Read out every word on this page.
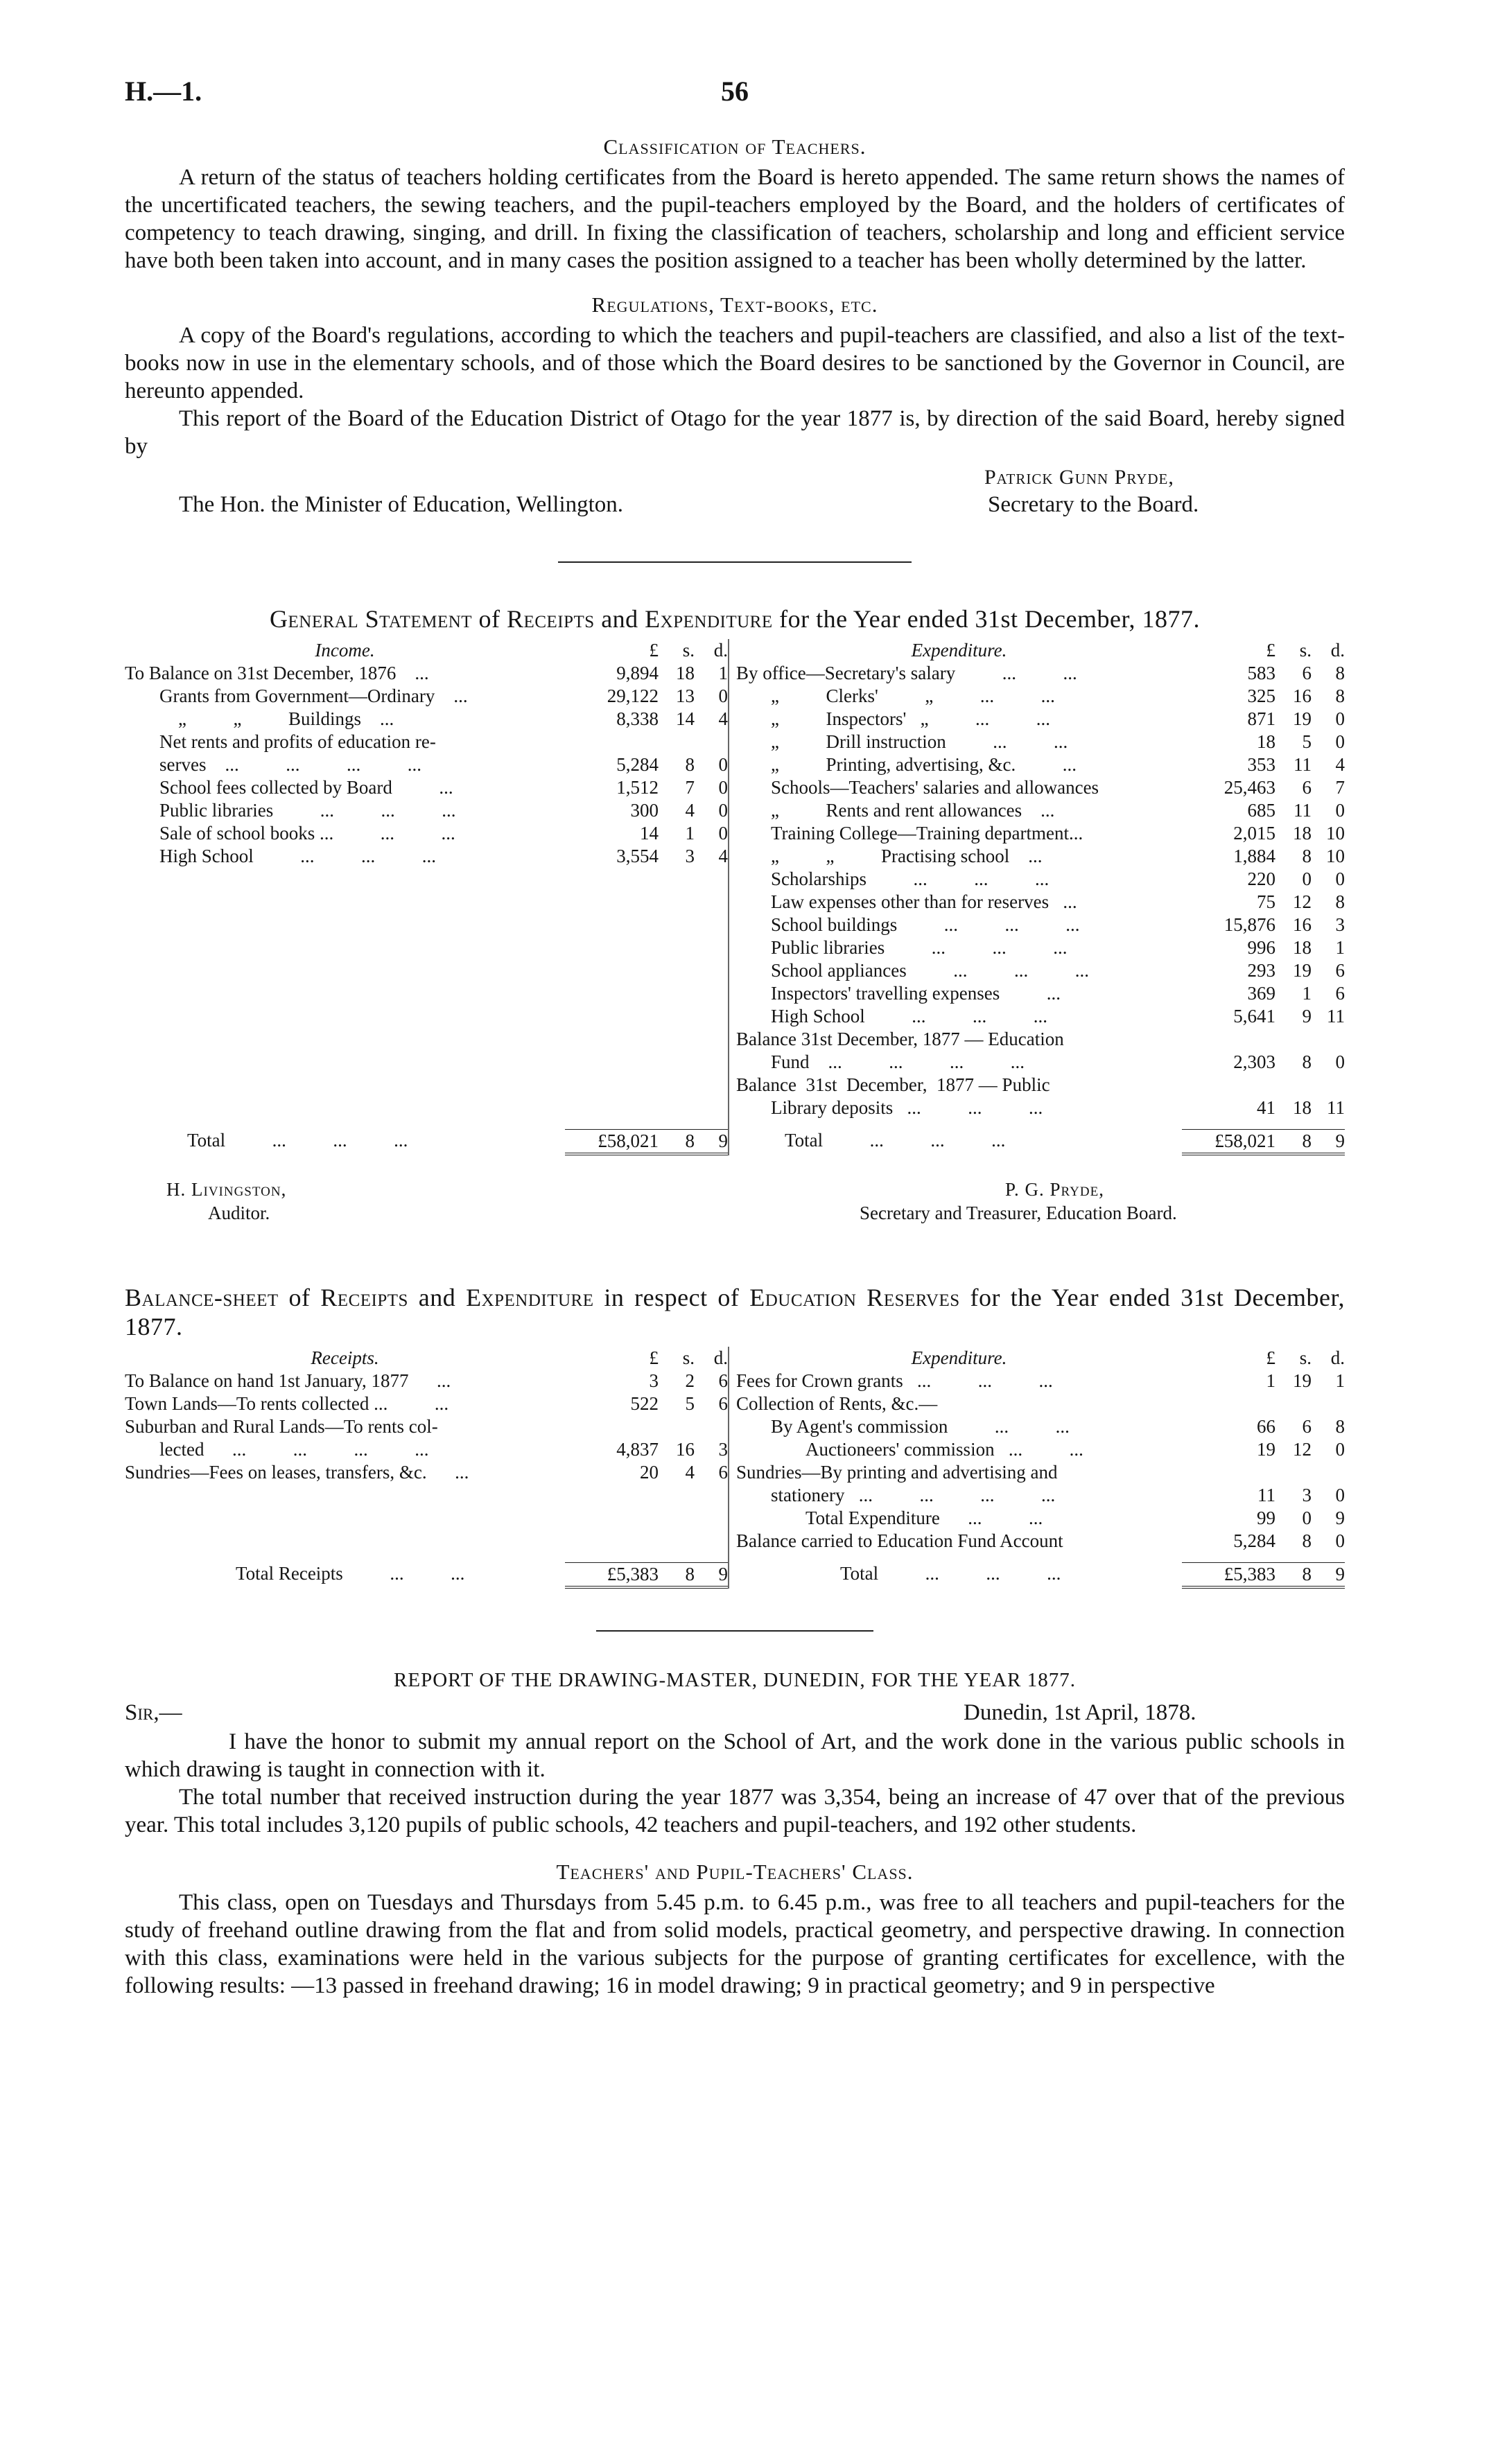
H.—1.	56
Classification of Teachers.

A return of the status of teachers holding certificates from the Board is hereto appended. The same return shows the names of the uncertificated teachers, the sewing teachers, and the pupil-teachers employed by the Board, and the holders of certificates of competency to teach drawing, singing, and drill. In fixing the classification of teachers, scholarship and long and efficient service have both been taken into account, and in many cases the position assigned to a teacher has been wholly determined by the latter.

Regulations, Text-books, etc.

A copy of the Board's regulations, according to which the teachers and pupil-teachers are classified, and also a list of the text-books now in use in the elementary schools, and of those which the Board desires to be sanctioned by the Governor in Council, are hereunto appended.

This report of the Board of the Education District of Otago for the year 1877 is, by direction of the said Board, hereby signed by

Patrick Gunn Pryde,
The Hon. the Minister of Education, Wellington.	Secretary to the Board.
General Statement of Receipts and Expenditure for the Year ended 31st December, 1877.
Income.	£	s.	d.
To Balance on 31st December, 1876    ...	9,894 18	1
Grants from Government—Ordinary    ...	29,122 13	0
„          „          Buildings    ...	8,338 14	4
Net rents and profits of education re-
serves    ...          ...          ...          ...	5,284	8	0
School fees collected by Board          ...	1,512	7	0
Public libraries          ...          ...          ...	300	4	0
Sale of school books ...          ...          ...	14	1	0
High School          ...          ...          ...	3,554	3	4
Expenditure.	£	s.	d.
By office—Secretary's salary          ...          ...	583	6	8
„          Clerks'          „          ...          ...	325 16	8
„          Inspectors'   „          ...          ...	871 19	0
„          Drill instruction          ...          ...	18	5	0
„          Printing, advertising, &c.          ...	353 11	4
Schools—Teachers' salaries and allowances	25,463	6	7
„          Rents and rent allowances    ...	685 11	0
Training College—Training department...	2,015 18 10
„          „          Practising school    ...	1,884	8 10
Scholarships          ...          ...          ...	220	0	0
Law expenses other than for reserves   ...	75 12	8
School buildings          ...          ...          ...	15,876 16	3
Public libraries          ...          ...          ...	996 18	1
School appliances          ...          ...          ...	293 19	6
Inspectors' travelling expenses          ...	369	1	6
High School          ...          ...          ...	5,641	9 11
Balance 31st December, 1877 — Education
Fund    ...          ...          ...          ...	2,303	8	0
Balance  31st  December,  1877 — Public
Library deposits   ...          ...          ...	41 18 11
Total          ...          ...          ...	£58,021	8	9	Total          ...          ...          ...	£58,021	8	9
H. Livingston,
Auditor.
P. G. Pryde,
Secretary and Treasurer, Education Board.
Balance-sheet of Receipts and Expenditure in respect of Education Reserves for the Year ended 31st December, 1877.
Receipts.	£	s.	d.
To Balance on hand 1st January, 1877      ...	3	2	6
Town Lands—To rents collected ...          ...	522	5	6
Suburban and Rural Lands—To rents col-
lected      ...          ...          ...          ...	4,837 16	3
Sundries—Fees on leases, transfers, &c.      ...	20	4	6
Expenditure.	£	s.	d.
Fees for Crown grants   ...          ...          ...	1 19	1
Collection of Rents, &c.—
By Agent's commission          ...          ...	66	6	8
Auctioneers' commission   ...          ...	19 12	0
Sundries—By printing and advertising and
stationery   ...          ...          ...          ...	11	3	0
Total Expenditure      ...          ...	99	0	9
Balance carried to Education Fund Account	5,284	8	0
Total Receipts          ...          ...	£5,383	8	9	Total          ...          ...          ...	£5,383	8	9
REPORT OF THE DRAWING-MASTER, DUNEDIN, FOR THE YEAR 1877.
Sir,—	Dunedin, 1st April, 1878.

I have the honor to submit my annual report on the School of Art, and the work done in the various public schools in which drawing is taught in connection with it.

The total number that received instruction during the year 1877 was 3,354, being an increase of 47 over that of the previous year. This total includes 3,120 pupils of public schools, 42 teachers and pupil-teachers, and 192 other students.

Teachers' and Pupil-Teachers' Class.

This class, open on Tuesdays and Thursdays from 5.45 p.m. to 6.45 p.m., was free to all teachers and pupil-teachers for the study of freehand outline drawing from the flat and from solid models, practical geometry, and perspective drawing. In connection with this class, examinations were held in the various subjects for the purpose of granting certificates for excellence, with the following results: —13 passed in freehand drawing; 16 in model drawing; 9 in practical geometry; and 9 in perspective
